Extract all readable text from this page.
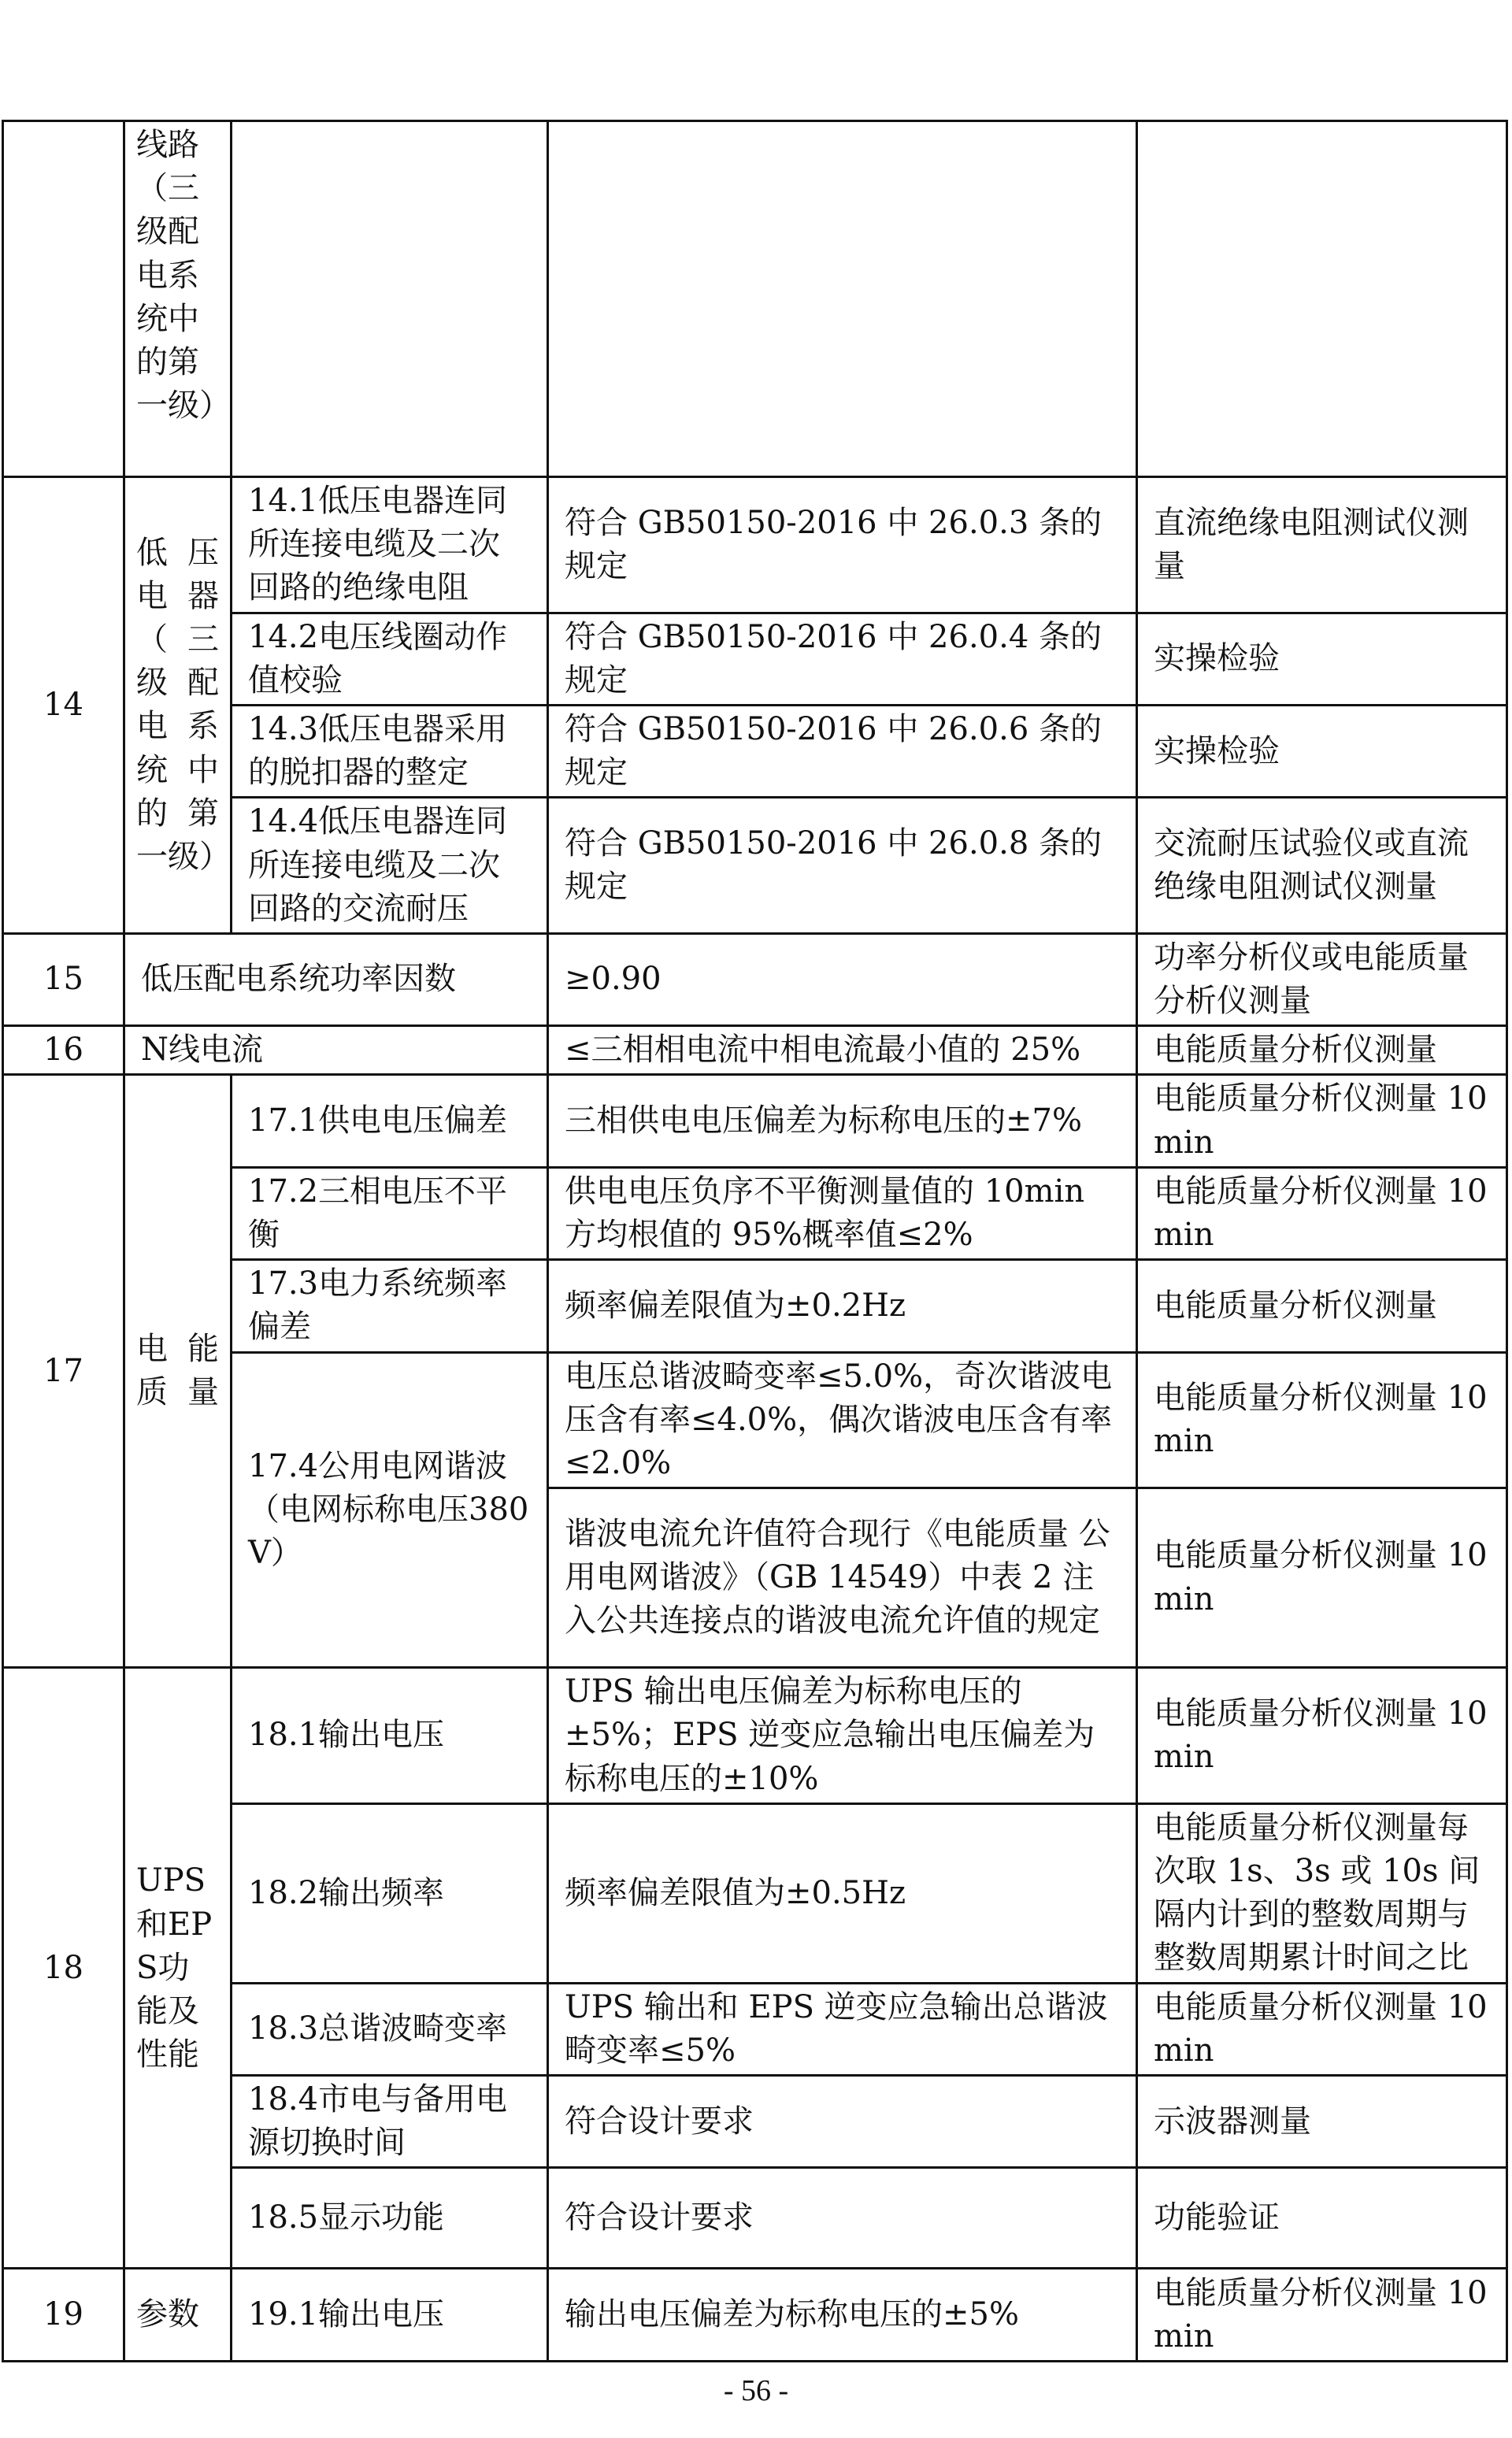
	线路（三级配电系统中的第一级）			
14	低压电器（三级配电系统中的第一级）	14.1低压电器连同所连接电缆及二次回路的绝缘电阻	符合 GB50150-2016 中 26.0.3 条的规定	直流绝缘电阻测试仪测量
		14.2电压线圈动作值校验	符合 GB50150-2016 中 26.0.4 条的规定	实操检验
		14.3低压电器采用的脱扣器的整定	符合 GB50150-2016 中 26.0.6 条的规定	实操检验
		14.4低压电器连同所连接电缆及二次回路的交流耐压	符合 GB50150-2016 中 26.0.8 条的规定	交流耐压试验仪或直流绝缘电阻测试仪测量
15	低压配电系统功率因数		≥0.90	功率分析仪或电能质量分析仪测量
16	N线电流		≤三相相电流中相电流最小值的 25%	电能质量分析仪测量
17	电能质量	17.1供电电压偏差	三相供电电压偏差为标称电压的±7%	电能质量分析仪测量 10min
		17.2三相电压不平衡	供电电压负序不平衡测量值的 10min 方均根值的 95%概率值≤2%	电能质量分析仪测量 10min
		17.3电力系统频率偏差	频率偏差限值为±0.2Hz	电能质量分析仪测量
		17.4公用电网谐波（电网标称电压380V）	电压总谐波畸变率≤5.0%，奇次谐波电压含有率≤4.0%，偶次谐波电压含有率≤2.0%	电能质量分析仪测量 10min
			谐波电流允许值符合现行《电能质量 公用电网谐波》（GB 14549）中表 2 注入公共连接点的谐波电流允许值的规定	电能质量分析仪测量 10min
18	UPS和EPS功能及性能	18.1输出电压	UPS 输出电压偏差为标称电压的±5%；EPS 逆变应急输出电压偏差为标称电压的±10%	电能质量分析仪测量 10min
		18.2输出频率	频率偏差限值为±0.5Hz	电能质量分析仪测量每次取 1s、3s 或 10s 间隔内计到的整数周期与整数周期累计时间之比
		18.3总谐波畸变率	UPS 输出和 EPS 逆变应急输出总谐波畸变率≤5%	电能质量分析仪测量 10min
		18.4市电与备用电源切换时间	符合设计要求	示波器测量
		18.5显示功能	符合设计要求	功能验证
19	参数	19.1输出电压	输出电压偏差为标称电压的±5%	电能质量分析仪测量 10min
- 56 -
